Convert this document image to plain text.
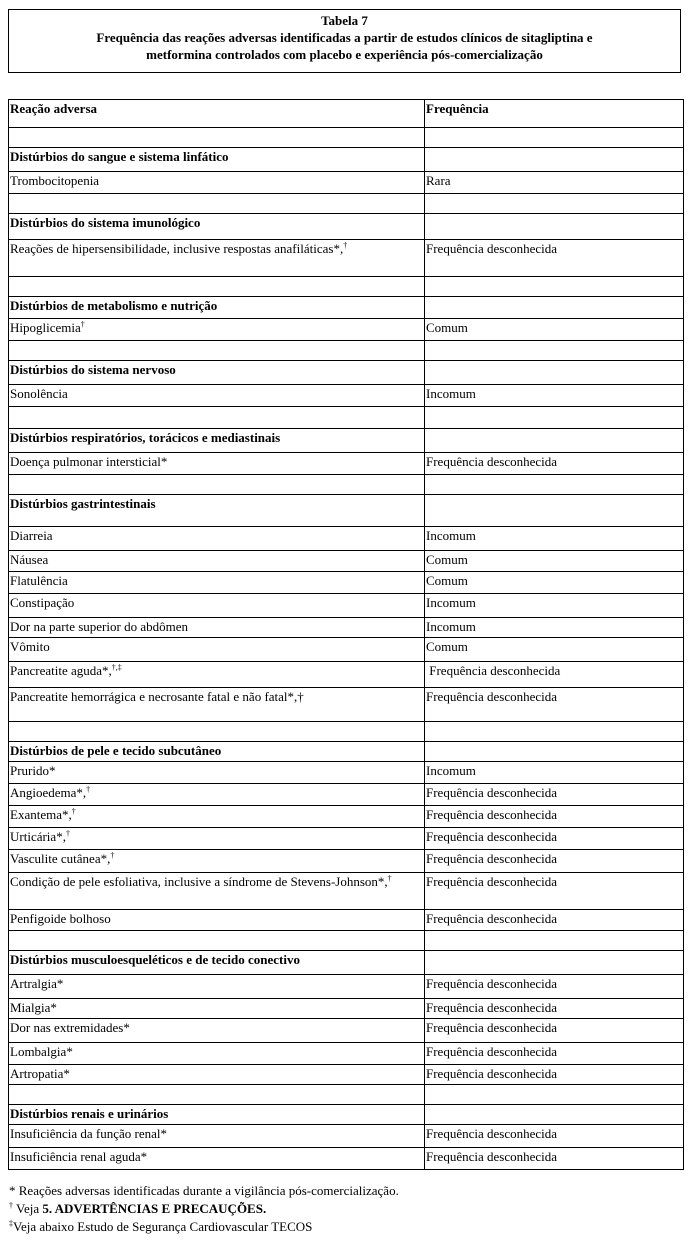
Tabela 7
Frequência das reações adversas identificadas a partir de estudos clínicos de sitagliptina e
metformina controlados com placebo e experiência pós-comercialização
Reação adversa	Frequência

Distúrbios do sangue e sistema linfático	
Trombocitopenia	Rara

Distúrbios do sistema imunológico	
Reações de hipersensibilidade, inclusive respostas anafiláticas*,†	Frequência desconhecida

Distúrbios de metabolismo e nutrição	
Hipoglicemia†	Comum

Distúrbios do sistema nervoso	
Sonolência	Incomum

Distúrbios respiratórios, torácicos e mediastinais	
Doença pulmonar intersticial*	Frequência desconhecida

Distúrbios gastrintestinais	
Diarreia	Incomum
Náusea	Comum
Flatulência	Comum
Constipação	Incomum
Dor na parte superior do abdômen	Incomum
Vômito	Comum
Pancreatite aguda*,†,‡	Frequência desconhecida
Pancreatite hemorrágica e necrosante fatal e não fatal*,†	Frequência desconhecida

Distúrbios de pele e tecido subcutâneo	
Prurido*	Incomum
Angioedema*,†	Frequência desconhecida
Exantema*,†	Frequência desconhecida
Urticária*,†	Frequência desconhecida
Vasculite cutânea*,†	Frequência desconhecida
Condição de pele esfoliativa, inclusive a síndrome de Stevens-Johnson*,†	Frequência desconhecida
Penfigoide bolhoso	Frequência desconhecida

Distúrbios musculoesqueléticos e de tecido conectivo	
Artralgia*	Frequência desconhecida
Mialgia*	Frequência desconhecida
Dor nas extremidades*	Frequência desconhecida
Lombalgia*	Frequência desconhecida
Artropatia*	Frequência desconhecida

Distúrbios renais e urinários	
Insuficiência da função renal*	Frequência desconhecida
Insuficiência renal aguda*	Frequência desconhecida
* Reações adversas identificadas durante a vigilância pós-comercialização.
† Veja 5. ADVERTÊNCIAS E PRECAUÇÕES.
‡Veja abaixo Estudo de Segurança Cardiovascular TECOS
